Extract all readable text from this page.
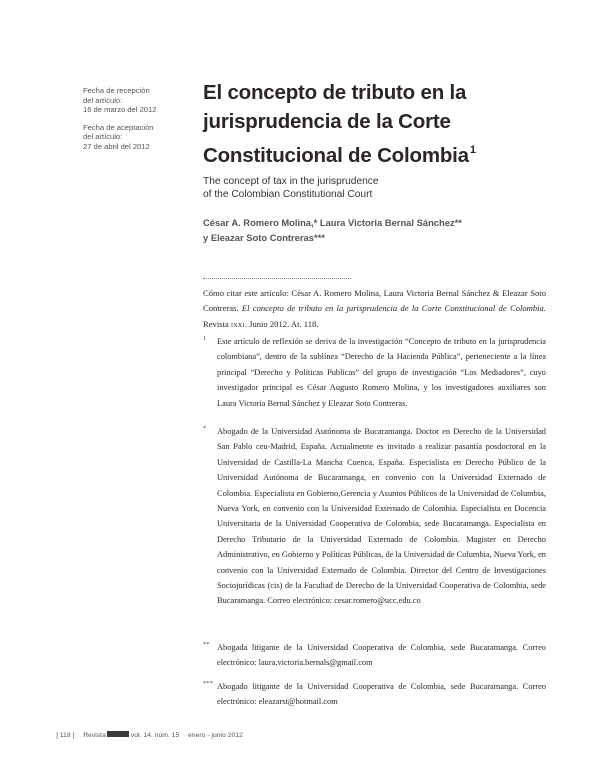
Fecha de recepción
del artículo:
16 de marzo del 2012
Fecha de aceptación
del artículo:
27 de abril del 2012
El concepto de tributo en la
jurisprudencia de la Corte
Constitucional de Colombia$^1$
The concept of tax in the jurisprudence
of the Colombian Constitutional Court
César A. Romero Molina,* Laura Victoria Bernal Sánchez**
y Eleazar Soto Contreras***
Cómo citar este artículo: César A. Romero Molina, Laura Victoria Bernal Sánchez & Eleazar Soto Contreras. El concepto de tributo en la jurisprudencia de la Corte Constitucional de Colombia. Revista ixxi. Junio 2012. At. 118.
1 Este artículo de reflexión se deriva de la investigación “Concepto de tributo en la jurisprudencia colombiana”, dentro de la sublínea “Derecho de la Hacienda Pública”, perteneciente a la línea principal “Derecho y Políticas Publicas” del grupo de investigación “Los Mediadores”, cuyo investigador principal es César Augusto Romero Molina, y los investigadores auxiliares son Laura Victoria Bernal Sánchez y Eleazar Soto Contreras.
* Abogado de la Universidad Autónoma de Bucaramanga. Doctor en Derecho de la Universidad San Pablo ceu-Madrid, España. Actualmente es invitado a realizar pasantía posdoctoral en la Universidad de Castilla-La Mancha Cuenca, España. Especialista en Derecho Público de la Universidad Autónoma de Bucaramanga, en convenio con la Universidad Externado de Colombia. Especialista en Gobierno,Gerencia y Asuntos Públicos de la Universidad de Columbia, Nueva York, en convenio con la Universidad Externado de Colombia. Especialista en Docencia Universitaria de la Universidad Cooperativa de Colombia, sede Bucaramanga. Especialista en Derecho Tributario de la Universidad Externado de Colombia. Magister en Derecho Administrativo, en Gobierno y Políticas Públicas, de la Universidad de Columbia, Nueva York, en convenio con la Universidad Externado de Colombia. Director del Centro de Investigaciones Sociojurídicas (cis) de la Facultad de Derecho de la Universidad Cooperativa de Colombia, sede Bucaramanga. Correo electrónico: cesar.romero@ucc.edu.co
** Abogada litigante de la Universidad Cooperativa de Colombia, sede Bucaramanga. Correo electrónico: laura.victoria.bernals@gmail.com
*** Abogado litigante de la Universidad Cooperativa de Colombia, sede Bucaramanga. Correo electrónico: eleazarst@hotmail.com
] 118 [ Revista	vol. 14. núm. 15 enero - junio 2012
